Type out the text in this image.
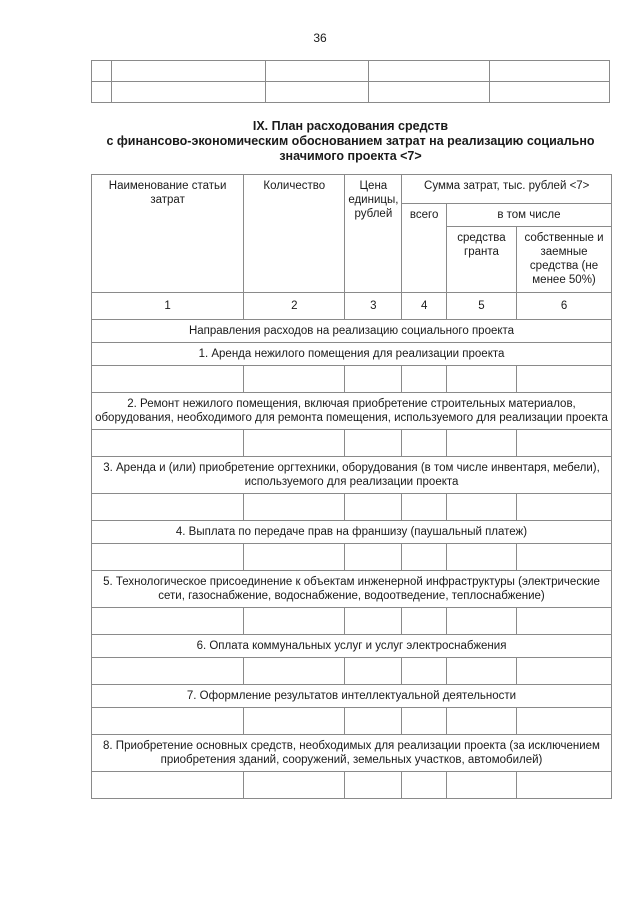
36

IX. План расходования средств
с финансово-экономическим обоснованием затрат на реализацию социально
значимого проекта <7>
Наименование статьи затрат	Количество	Цена единицы, рублей	Сумма затрат, тыс. рублей <7>		
			всего	в том числе	
				средства гранта	собственные и заемные средства (не менее 50%)
1	2	3	4	5	6
Направления расходов на реализацию социального проекта					
1. Аренда нежилого помещения для реализации проекта					

2. Ремонт нежилого помещения, включая приобретение строительных материалов, оборудования, необходимого для ремонта помещения, используемого для реализации проекта					

3. Аренда и (или) приобретение оргтехники, оборудования (в том числе инвентаря, мебели), используемого для реализации проекта					

4. Выплата по передаче прав на франшизу (паушальный платеж)					

5. Технологическое присоединение к объектам инженерной инфраструктуры (электрические сети, газоснабжение, водоснабжение, водоотведение, теплоснабжение)					

6. Оплата коммунальных услуг и услуг электроснабжения					

7. Оформление результатов интеллектуальной деятельности					

8. Приобретение основных средств, необходимых для реализации проекта (за исключением приобретения зданий, сооружений, земельных участков, автомобилей)					
